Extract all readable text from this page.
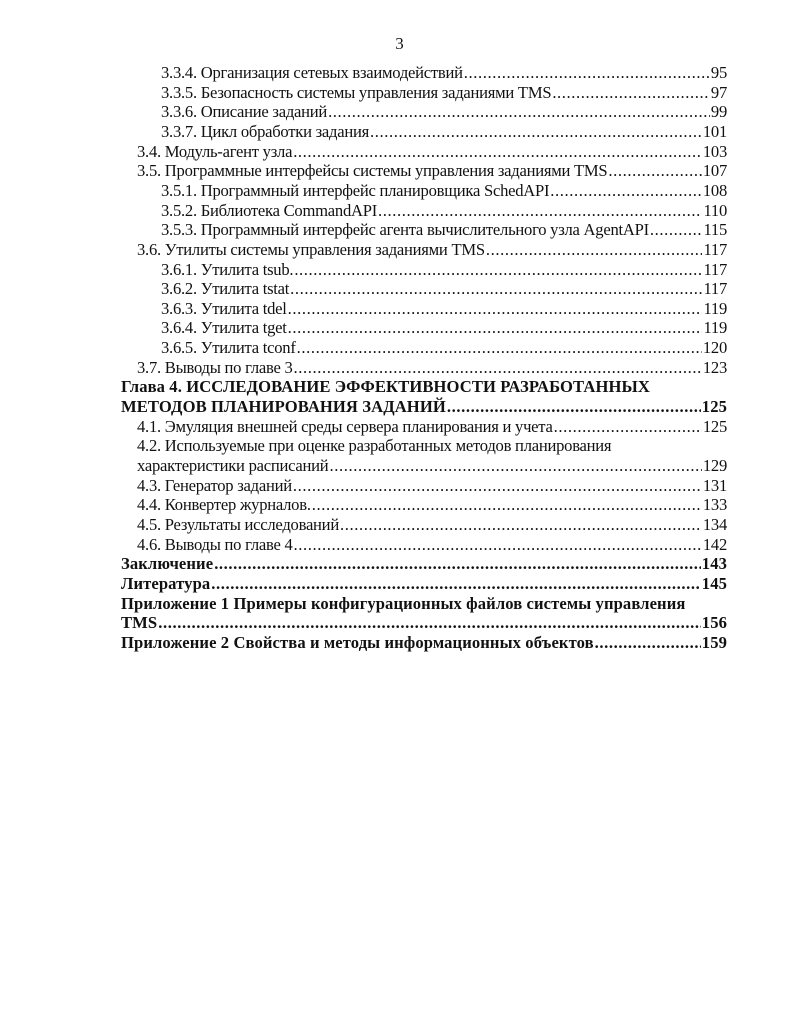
3
3.3.4. Организация сетевых взаимодействий .....	95
3.3.5. Безопасность системы управления заданиями TMS .....	97
3.3.6. Описание заданий .....	99
3.3.7. Цикл обработки задания .....	101
3.4. Модуль-агент узла .....	103
3.5. Программные интерфейсы системы управления заданиями TMS .....	107
3.5.1. Программный интерфейс планировщика SchedAPI .....	108
3.5.2. Библиотека CommandAPI .....	110
3.5.3. Программный интерфейс агента вычислительного узла AgentAPI .....	115
3.6. Утилиты системы управления заданиями TMS .....	117
3.6.1. Утилита tsub. .....	117
3.6.2. Утилита tstat .....	117
3.6.3. Утилита tdel .....	119
3.6.4. Утилита tget .....	119
3.6.5. Утилита tconf .....	120
3.7. Выводы по главе 3 .....	123
Глава 4. ИССЛЕДОВАНИЕ ЭФФЕКТИВНОСТИ РАЗРАБОТАННЫХ
МЕТОДОВ ПЛАНИРОВАНИЯ ЗАДАНИЙ .....	125
4.1. Эмуляция внешней среды сервера планирования и учета .....	125
4.2. Используемые при оценке разработанных методов планирования
характеристики расписаний .....	129
4.3. Генератор заданий .....	131
4.4. Конвертер журналов. .....	133
4.5. Результаты исследований .....	134
4.6. Выводы по главе 4 .....	142
Заключение .....	143
Литература .....	145
Приложение 1 Примеры конфигурационных файлов системы управления
TMS .....	156
Приложение 2 Свойства и методы информационных объектов .....	159
